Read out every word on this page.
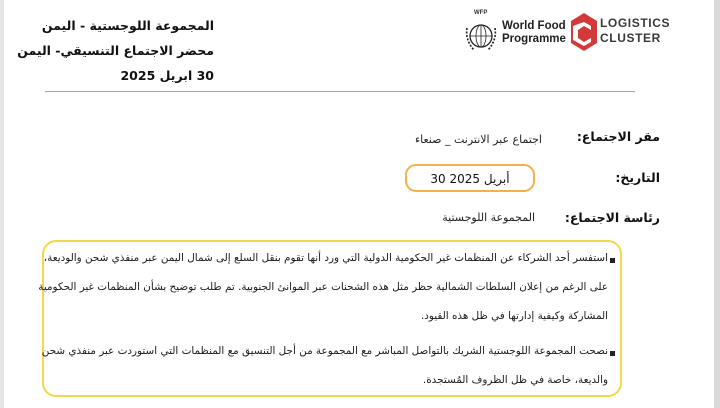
LOGISTICS
CLUSTER
WFP
World Food
Programme
المجموعة اللوجستية - اليمن
محضر الاجتماع التنسيقي- اليمن
30 ابريل 2025
مقر الاجتماع:
اجتماع عبر الانترنت _ صنعاء
التاريخ:
30 أبريل 2025
رئاسة الاجتماع:
المجموعة اللوجستية
استفسر أحد الشركاء عن المنظمات غير الحكومية الدولية التي ورد أنها تقوم بنقل السلع إلى شمال اليمن عبر منفذي شحن والوديعة،
على الرغم من إعلان السلطات الشمالية حظر مثل هذه الشحنات عبر الموانئ الجنوبية. تم طلب توضيح بشأن المنظمات غير الحكومية
المشاركة وكيفية إدارتها في ظل هذه القيود.
نصحت المجموعة اللوجستية الشريك بالتواصل المباشر مع المجموعة من أجل التنسيق مع المنظمات التي استوردت عبر منفذي شحن
والديعة، خاصة في ظل الظروف المُستجدة.
